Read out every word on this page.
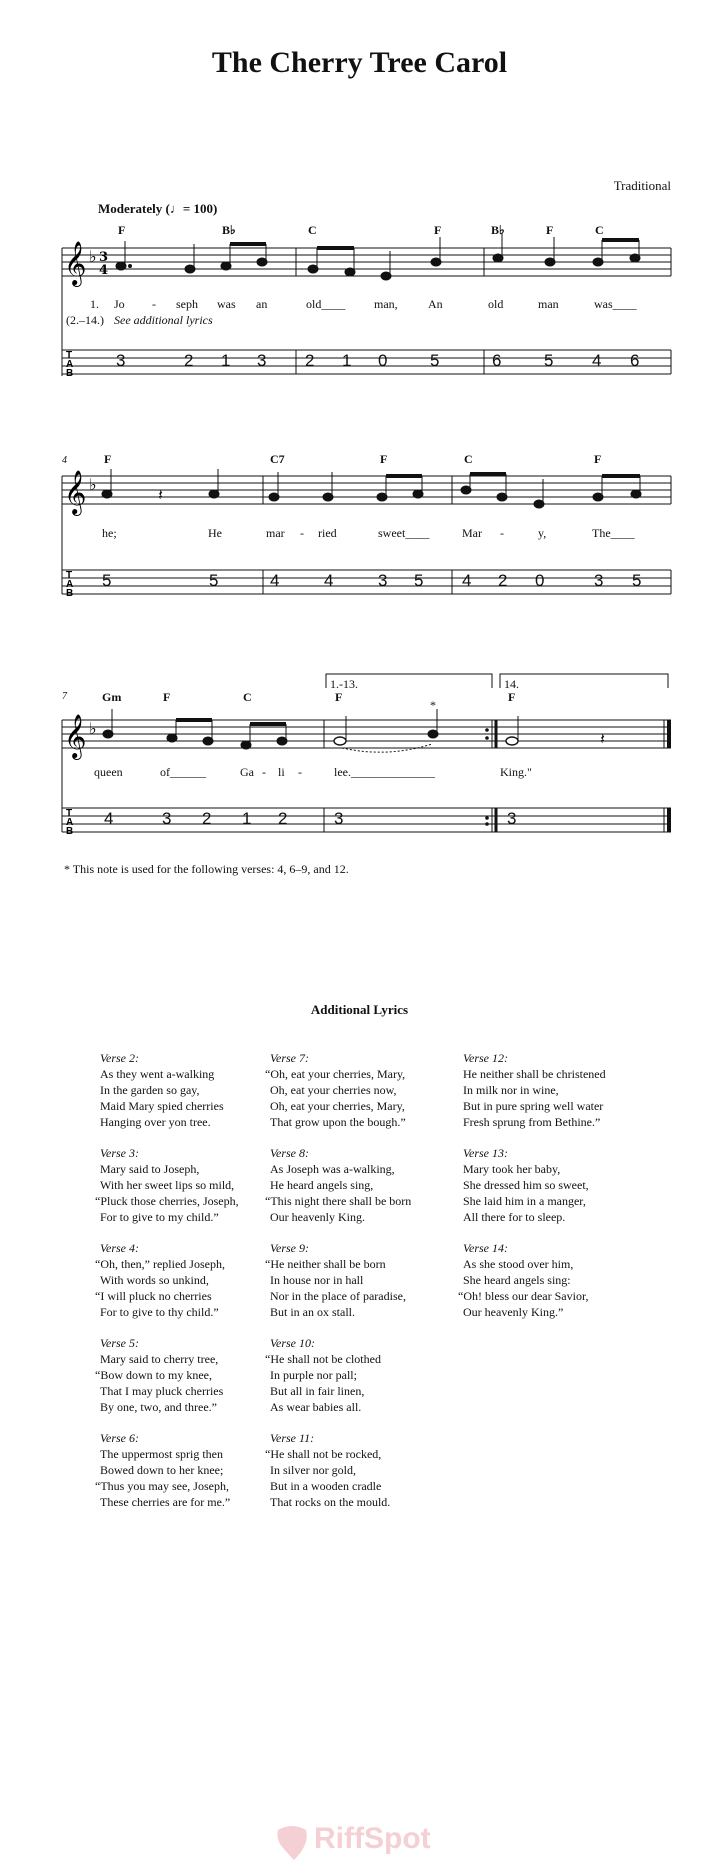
The Cherry Tree Carol
Traditional
Moderately (♩= 100)
𝄞 ♭ 3
4
T
A
B
𝄞 ♭
T
A
B
𝄽
𝄞 ♭
T
A
B
𝄽
F	B♭	C	F	B♭	F	C
1. Jo - seph was an	old____ man,	An	old	man	was____
(2.–14.) See additional lyrics
3	2 1 3 2 1 0	5	6	5 4 6
4	F	C7	F	C	F
he;	He	mar - ried	sweet____	Mar -	y,	The____
5	5	4	4	3 5 4 2 0	3 5
7
1.-13.	14.
*
Gm	F	C	F	F
queen	of______	Ga - li -	lee.______________	King."
4	3 2 1 2	3	3
* This note is used for the following verses: 4, 6–9, and 12.
Additional Lyrics
Verse 2:
As they went a-walking
In the garden so gay,
Maid Mary spied cherries
Hanging over yon tree.
Verse 3:
Mary said to Joseph,
With her sweet lips so mild,
“Pluck those cherries, Joseph,
For to give to my child.”
Verse 4:
“Oh, then,” replied Joseph,
With words so unkind,
“I will pluck no cherries
For to give to thy child.”
Verse 5:
Mary said to cherry tree,
“Bow down to my knee,
That I may pluck cherries
By one, two, and three.”
Verse 6:
The uppermost sprig then
Bowed down to her knee;
“Thus you may see, Joseph,
These cherries are for me.”
Verse 7:
“Oh, eat your cherries, Mary,
Oh, eat your cherries now,
Oh, eat your cherries, Mary,
That grow upon the bough.”
Verse 8:
As Joseph was a-walking,
He heard angels sing,
“This night there shall be born
Our heavenly King.
Verse 9:
“He neither shall be born
In house nor in hall
Nor in the place of paradise,
But in an ox stall.
Verse 10:
“He shall not be clothed
In purple nor pall;
But all in fair linen,
As wear babies all.
Verse 11:
“He shall not be rocked,
In silver nor gold,
But in a wooden cradle
That rocks on the mould.
Verse 12:
He neither shall be christened
In milk nor in wine,
But in pure spring well water
Fresh sprung from Bethine.”
Verse 13:
Mary took her baby,
She dressed him so sweet,
She laid him in a manger,
All there for to sleep.
Verse 14:
As she stood over him,
She heard angels sing:
“Oh! bless our dear Savior,
Our heavenly King.”
RiffSpot
